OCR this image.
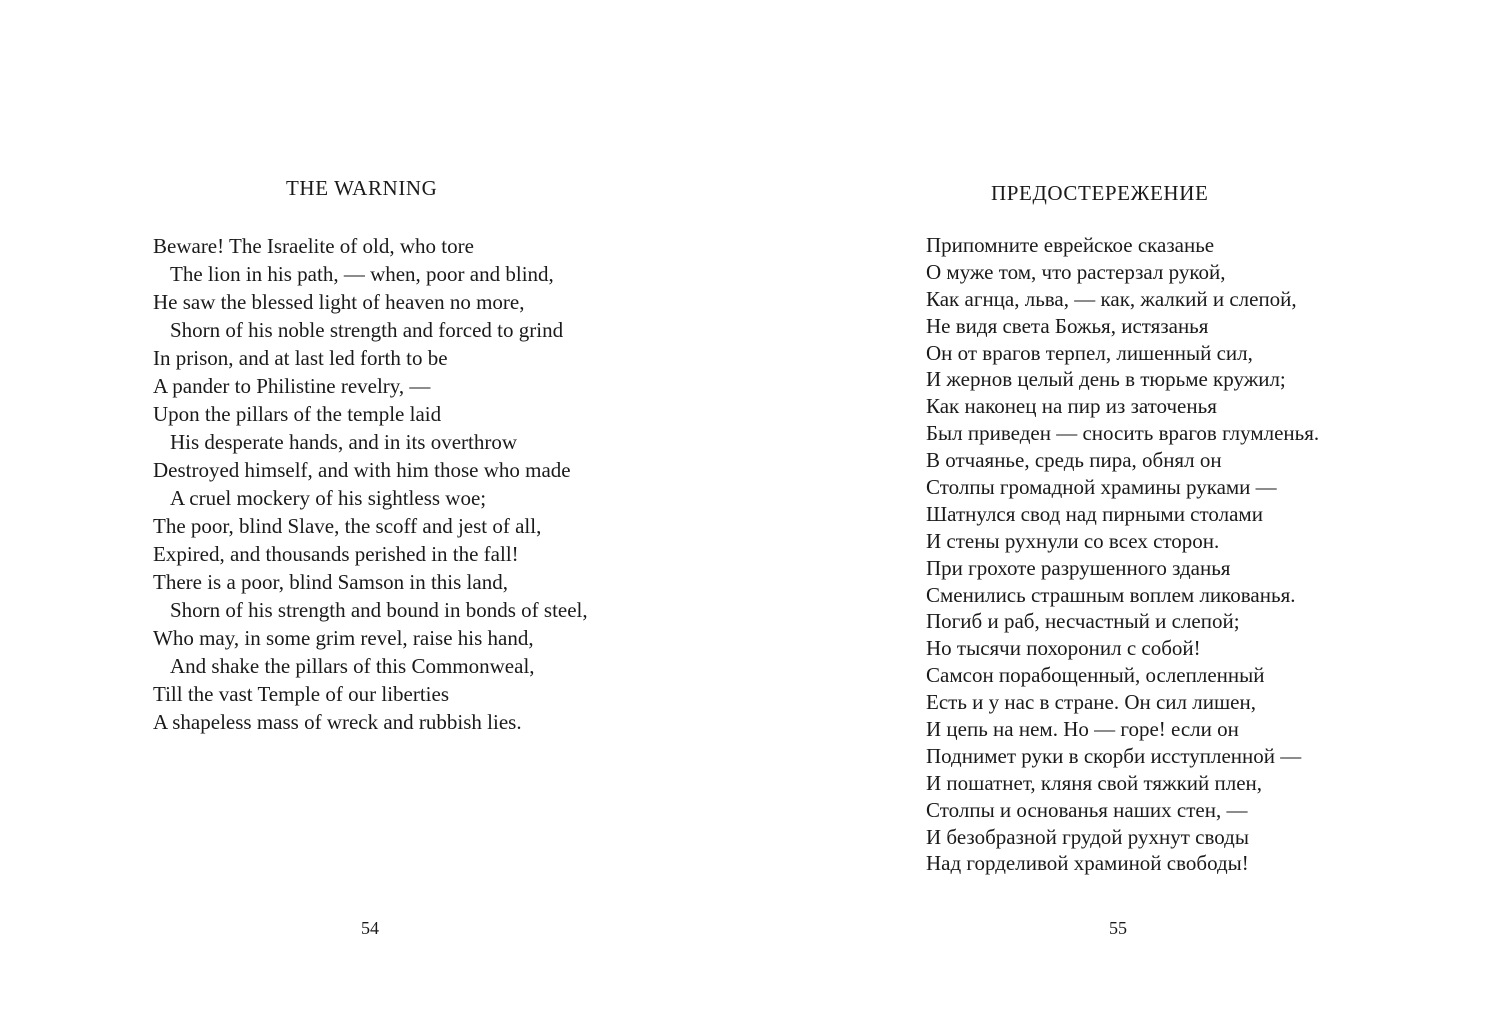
THE WARNING
Beware! The Israelite of old, who tore
The lion in his path, — when, poor and blind,
He saw the blessed light of heaven no more,
Shorn of his noble strength and forced to grind
In prison, and at last led forth to be
A pander to Philistine revelry, —
Upon the pillars of the temple laid
His desperate hands, and in its overthrow
Destroyed himself, and with him those who made
A cruel mockery of his sightless woe;
The poor, blind Slave, the scoff and jest of all,
Expired, and thousands perished in the fall!
There is a poor, blind Samson in this land,
Shorn of his strength and bound in bonds of steel,
Who may, in some grim revel, raise his hand,
And shake the pillars of this Commonweal,
Till the vast Temple of our liberties
A shapeless mass of wreck and rubbish lies.
54
ПРЕДОСТЕРЕЖЕНИЕ
Припомните еврейское сказанье
О муже том, что растерзал рукой,
Как агнца, льва, — как, жалкий и слепой,
Не видя света Божья, истязанья
Он от врагов терпел, лишенный сил,
И жернов целый день в тюрьме кружил;
Как наконец на пир из заточенья
Был приведен — сносить врагов глумленья.
В отчаянье, средь пира, обнял он
Столпы громадной храмины руками —
Шатнулся свод над пирными столами
И стены рухнули со всех сторон.
При грохоте разрушенного зданья
Сменились страшным воплем ликованья.
Погиб и раб, несчастный и слепой;
Но тысячи похоронил с собой!
Самсон порабощенный, ослепленный
Есть и у нас в стране. Он сил лишен,
И цепь на нем. Но — горе! если он
Поднимет руки в скорби исступленной —
И пошатнет, кляня свой тяжкий плен,
Столпы и основанья наших стен, —
И безобразной грудой рухнут своды
Над горделивой храминой свободы!
55
